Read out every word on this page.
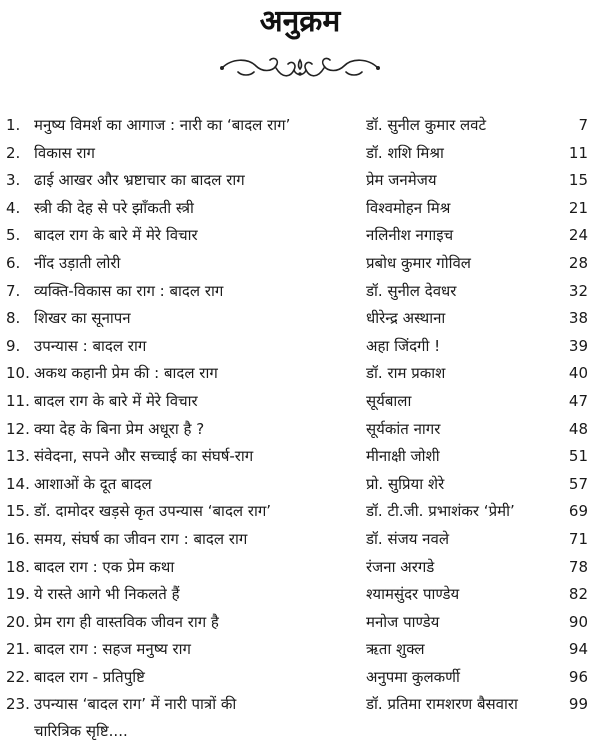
अनुक्रम
1. मनुष्य विमर्श का आगाज : नारी का ‘बादल राग’	डॉ. सुनील कुमार लवटे	7
2. विकास राग	डॉ. शशि मिश्रा	11
3. ढाई आखर और भ्रष्टाचार का बादल राग	प्रेम जनमेजय	15
4. स्त्री की देह से परे झाँकती स्त्री	विश्वमोहन मिश्र	21
5. बादल राग के बारे में मेरे विचार	नलिनीश नगाइच	24
6. नींद उड़ाती लोरी	प्रबोध कुमार गोविल	28
7. व्यक्ति-विकास का राग : बादल राग	डॉ. सुनील देवधर	32
8. शिखर का सूनापन	धीरेन्द्र अस्थाना	38
9. उपन्यास : बादल राग	अहा जिंदगी !	39
10. अकथ कहानी प्रेम की : बादल राग	डॉ. राम प्रकाश	40
11. बादल राग के बारे में मेरे विचार	सूर्यबाला	47
12. क्या देह के बिना प्रेम अधूरा है ?	सूर्यकांत नागर	48
13. संवेदना, सपने और सच्चाई का संघर्ष-राग	मीनाक्षी जोशी	51
14. आशाओं के दूत बादल	प्रो. सुप्रिया शेरे	57
15. डॉ. दामोदर खड़से कृत उपन्यास ‘बादल राग’	डॉ. टी.जी. प्रभाशंकर ‘प्रेमी’	69
16. समय, संघर्ष का जीवन राग : बादल राग	डॉ. संजय नवले	71
18. बादल राग : एक प्रेम कथा	रंजना अरगडे	78
19. ये रास्ते आगे भी निकलते हैं	श्यामसुंदर पाण्डेय	82
20. प्रेम राग ही वास्तविक जीवन राग है	मनोज पाण्डेय	90
21. बादल राग : सहज मनुष्य राग	ऋता शुक्ल	94
22. बादल राग - प्रतिपुष्टि	अनुपमा कुलकर्णी	96
23. उपन्यास ‘बादल राग’ में नारी पात्रों की	डॉ. प्रतिमा रामशरण बैसवारा	99
चारित्रिक सृष्टि....
